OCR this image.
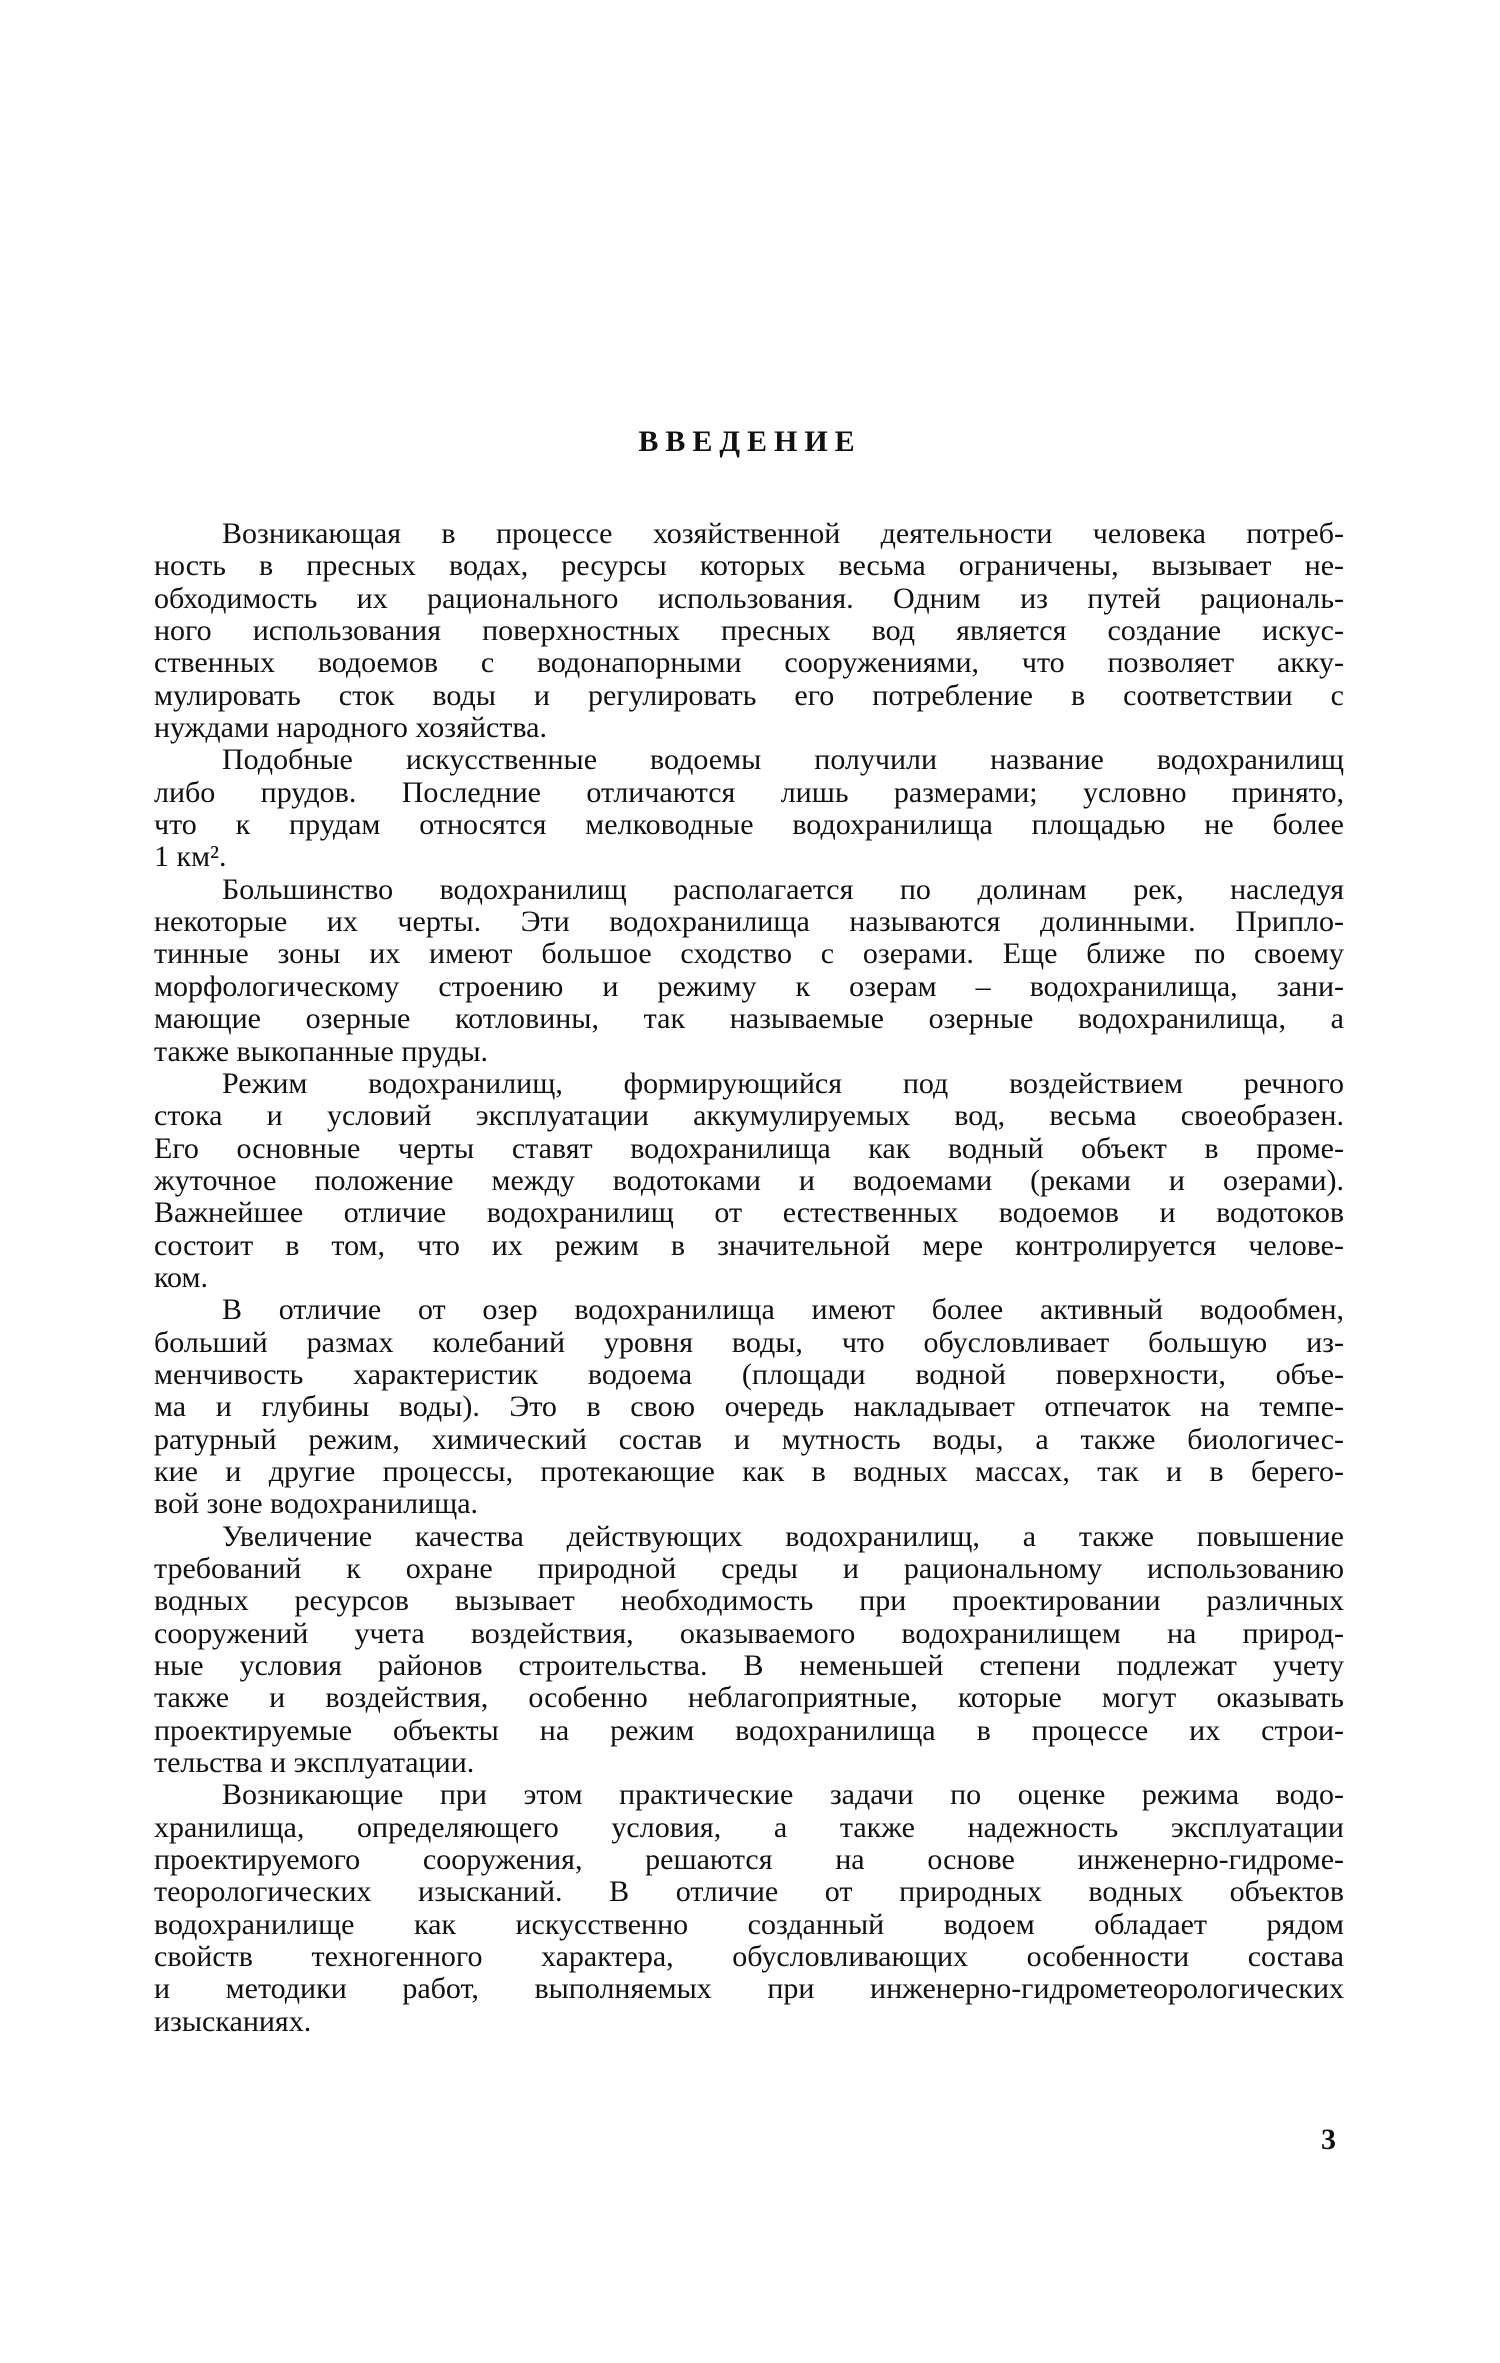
ВВЕДЕНИЕ
Возникающая в процессе хозяйственной деятельности человека потреб-
ность в пресных водах, ресурсы которых весьма ограничены, вызывает не-
обходимость их рационального использования. Одним из путей рациональ-
ного использования поверхностных пресных вод является создание искус-
ственных водоемов с водонапорными сооружениями, что позволяет акку-
мулировать сток воды и регулировать его потребление в соответствии с
нуждами народного хозяйства.
Подобные искусственные водоемы получили название водохранилищ
либо прудов. Последние отличаются лишь размерами; условно принято,
что к прудам относятся мелководные водохранилища площадью не более
1 км².
Большинство водохранилищ располагается по долинам рек, наследуя
некоторые их черты. Эти водохранилища называются долинными. Припло-
тинные зоны их имеют большое сходство с озерами. Еще ближе по своему
морфологическому строению и режиму к озерам – водохранилища, зани-
мающие озерные котловины, так называемые озерные водохранилища, а
также выкопанные пруды.
Режим водохранилищ, формирующийся под воздействием речного
стока и условий эксплуатации аккумулируемых вод, весьма своеобразен.
Его основные черты ставят водохранилища как водный объект в проме-
жуточное положение между водотоками и водоемами (реками и озерами).
Важнейшее отличие водохранилищ от естественных водоемов и водотоков
состоит в том, что их режим в значительной мере контролируется челове-
ком.
В отличие от озер водохранилища имеют более активный водообмен,
больший размах колебаний уровня воды, что обусловливает большую из-
менчивость характеристик водоема (площади водной поверхности, объе-
ма и глубины воды). Это в свою очередь накладывает отпечаток на темпе-
ратурный режим, химический состав и мутность воды, а также биологичес-
кие и другие процессы, протекающие как в водных массах, так и в берего-
вой зоне водохранилища.
Увеличение качества действующих водохранилищ, а также повышение
требований к охране природной среды и рациональному использованию
водных ресурсов вызывает необходимость при проектировании различных
сооружений учета воздействия, оказываемого водохранилищем на природ-
ные условия районов строительства. В неменьшей степени подлежат учету
также и воздействия, особенно неблагоприятные, которые могут оказывать
проектируемые объекты на режим водохранилища в процессе их строи-
тельства и эксплуатации.
Возникающие при этом практические задачи по оценке режима водо-
хранилища, определяющего условия, а также надежность эксплуатации
проектируемого сооружения, решаются на основе инженерно-гидроме-
теорологических изысканий. В отличие от природных водных объектов
водохранилище как искусственно созданный водоем обладает рядом
свойств техногенного характера, обусловливающих особенности состава
и методики работ, выполняемых при инженерно-гидрометеорологических
изысканиях.
3
